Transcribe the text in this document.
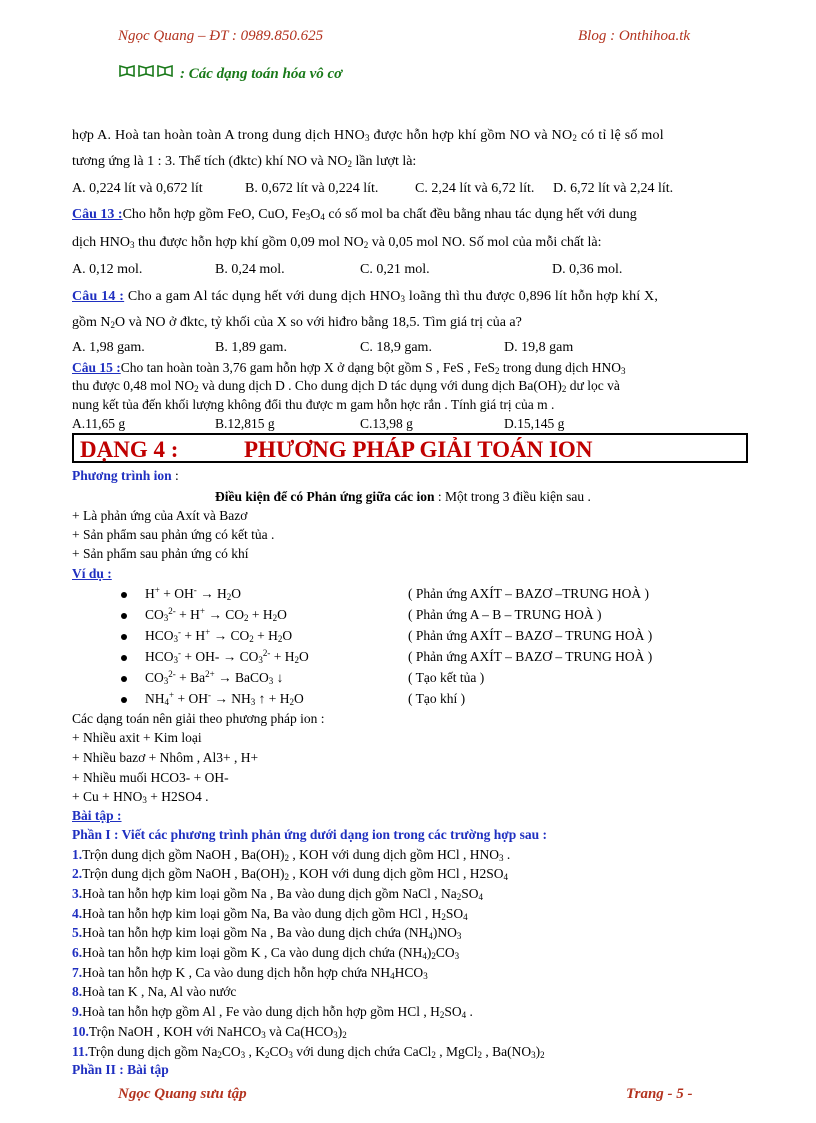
Ngọc Quang – ĐT : 0989.850.625	Blog : Onthihoa.tk
: Các dạng toán hóa vô cơ
hợp A. Hoà tan hoàn toàn A trong dung dịch $HNO_3$ được hỗn hợp khí gồm NO và $NO_2$ có tỉ lệ số mol
tương ứng là 1 : 3. Thể tích (đktc) khí NO và $NO_2$ lần lượt là:
A. 0,224 lít và 0,672 lít	B. 0,672 lít và 0,224 lít.	C. 2,24 lít và 6,72 lít. D. 6,72 lít và 2,24 lít.
Câu 13 :Cho hỗn hợp gồm FeO, CuO, $Fe_3O_4$ có số mol ba chất đều bằng nhau tác dụng hết với dung
dịch $HNO_3$ thu được hỗn hợp khí gồm 0,09 mol $NO_2$ và 0,05 mol NO. Số mol của mỗi chất là:
A. 0,12 mol.	B. 0,24 mol.	C. 0,21 mol.	D. 0,36 mol.
Câu 14 : Cho a gam Al tác dụng hết với dung dịch $HNO_3$ loãng thì thu được 0,896 lít hỗn hợp khí X,
gồm $N_2O$ và NO ở đktc, tỷ khối của X so với hiđro bằng 18,5. Tìm giá trị của a?
A. 1,98 gam.	B. 1,89 gam.	C. 18,9 gam.	D. 19,8 gam
Câu 15 :Cho tan hoàn toàn 3,76 gam hỗn hợp X ở dạng bột gồm S , FeS , FeS$_2$ trong dung dịch $HNO_3$
thu được 0,48 mol $NO_2$ và dung dịch D . Cho dung dịch D tác dụng với dung dịch $Ba(OH)_2$ dư lọc và
nung kết tủa đến khối lượng không đổi thu được m gam hỗn hợc rắn . Tính giá trị của m .
A.11,65 g	B.12,815 g	C.13,98 g	D.15,145 g
DẠNG 4 :	PHƯƠNG PHÁP GIẢI TOÁN ION
Phương trình ion :
Điều kiện để có Phản ứng giữa các ion : Một trong 3 điều kiện sau .
+ Là phản ứng của Axít và Bazơ
+ Sản phẩm sau phản ứng có kết tủa .
+ Sản phẩm sau phản ứng có khí
Ví dụ :
$H^+ + OH^- \to H_2O$	( Phản ứng AXÍT – BAZƠ –TRUNG HOÀ )
$CO_3^{2-} + H^+ \to CO_2 + H_2O$	( Phản ứng A – B – TRUNG HOÀ )
$HCO_3^- + H^+ \to CO_2 + H_2O$	( Phản ứng AXÍT – BAZƠ – TRUNG HOÀ )
$HCO_3^- + OH- \to CO_3^{2-} + H_2O$	( Phản ứng AXÍT – BAZƠ – TRUNG HOÀ )
$CO_3^{2-} + Ba^{2+}$ → BaCO$_3$ ↓	( Tạo kết tủa )
$NH_4^+ + OH^- \to NH_3$ ↑ + $H_2O$	( Tạo khí )
Các dạng toán nên giải theo phương pháp ion :
+ Nhiều axit + Kim loại
+ Nhiều bazơ + Nhôm , Al3+ , H+
+ Nhiều muối HCO3- + OH-
+ $Cu + HNO_3 + H2SO4$ .
Bài tập :
Phần I : Viết các phương trình phản ứng dưới dạng ion trong các trường hợp sau :
1.Trộn dung dịch gồm NaOH , $Ba(OH)_2$ , KOH với dung dịch gồm HCl , $HNO_3$ .
2.Trộn dung dịch gồm NaOH , $Ba(OH)_2$ , KOH với dung dịch gồm HCl , $H2SO_4$
3.Hoà tan hỗn hợp kim loại gồm Na , Ba vào dung dịch gồm NaCl , $Na_2SO_4$
4.Hoà tan hỗn hợp kim loại gồm Na, Ba vào dung dịch gồm HCl , $H_2SO_4$
5.Hoà tan hỗn hợp kim loại gồm Na , Ba vào dung dịch chứa $(NH_4)NO_3$
6.Hoà tan hỗn hợp kim loại gồm K , Ca vào dung dịch chứa $(NH_4)_2CO_3$
7.Hoà tan hỗn hợp K , Ca vào dung dịch hỗn hợp chứa $NH_4HCO_3$
8.Hoà tan K , Na, Al vào nước
9.Hoà tan hỗn hợp gồm Al , Fe vào dung dịch hỗn hợp gồm HCl , $H_2SO_4$ .
10.Trộn NaOH , KOH với NaHCO$_3$ và $Ca(HCO_3)_2$
11.Trộn dung dịch gồm $Na_2CO_3$ , $K_2CO_3$ với dung dịch chứa CaCl$_2$ , MgCl$_2$ , $Ba(NO_3)_2$
Phần II : Bài tập
Ngọc Quang sưu tập	Trang - 5 -
